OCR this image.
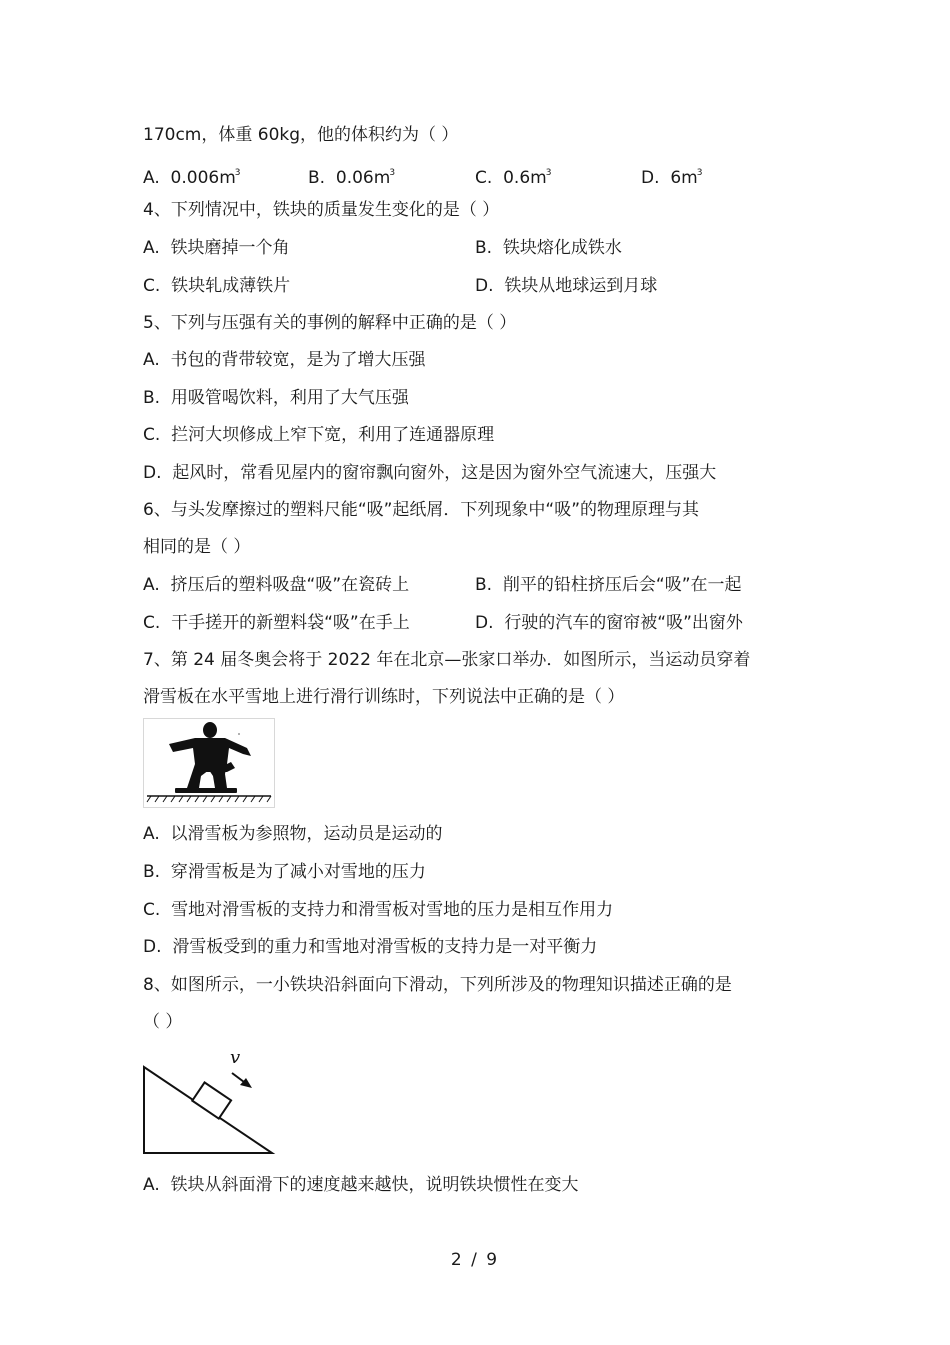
170cm，体重 60kg，他的体积约为（ ）
A. $0.006m^3$	B. $0.06m^3$	C. $0.6m^3$	D. $6m^3$
4、下列情况中，铁块的质量发生变化的是（ ）
A. 铁块磨掉一个角	B. 铁块熔化成铁水
C. 铁块轧成薄铁片	D. 铁块从地球运到月球
5、下列与压强有关的事例的解释中正确的是（ ）
A. 书包的背带较宽，是为了增大压强
B. 用吸管喝饮料，利用了大气压强
C. 拦河大坝修成上窄下宽，利用了连通器原理
D. 起风时，常看见屋内的窗帘飘向窗外，这是因为窗外空气流速大，压强大
6、与头发摩擦过的塑料尺能“吸”起纸屑．下列现象中“吸”的物理原理与其
相同的是（ ）
A. 挤压后的塑料吸盘“吸”在瓷砖上	B. 削平的铅柱挤压后会“吸”在一起
C. 干手搓开的新塑料袋“吸”在手上	D. 行驶的汽车的窗帘被“吸”出窗外
7、第 24 届冬奥会将于 2022 年在北京—张家口举办．如图所示，当运动员穿着
滑雪板在水平雪地上进行滑行训练时，下列说法中正确的是（ ）
A. 以滑雪板为参照物，运动员是运动的
B. 穿滑雪板是为了减小对雪地的压力
C. 雪地对滑雪板的支持力和滑雪板对雪地的压力是相互作用力
D. 滑雪板受到的重力和雪地对滑雪板的支持力是一对平衡力
8、如图所示，一小铁块沿斜面向下滑动，下列所涉及的物理知识描述正确的是
（ ）
v
A. 铁块从斜面滑下的速度越来越快，说明铁块惯性在变大
2 / 9
